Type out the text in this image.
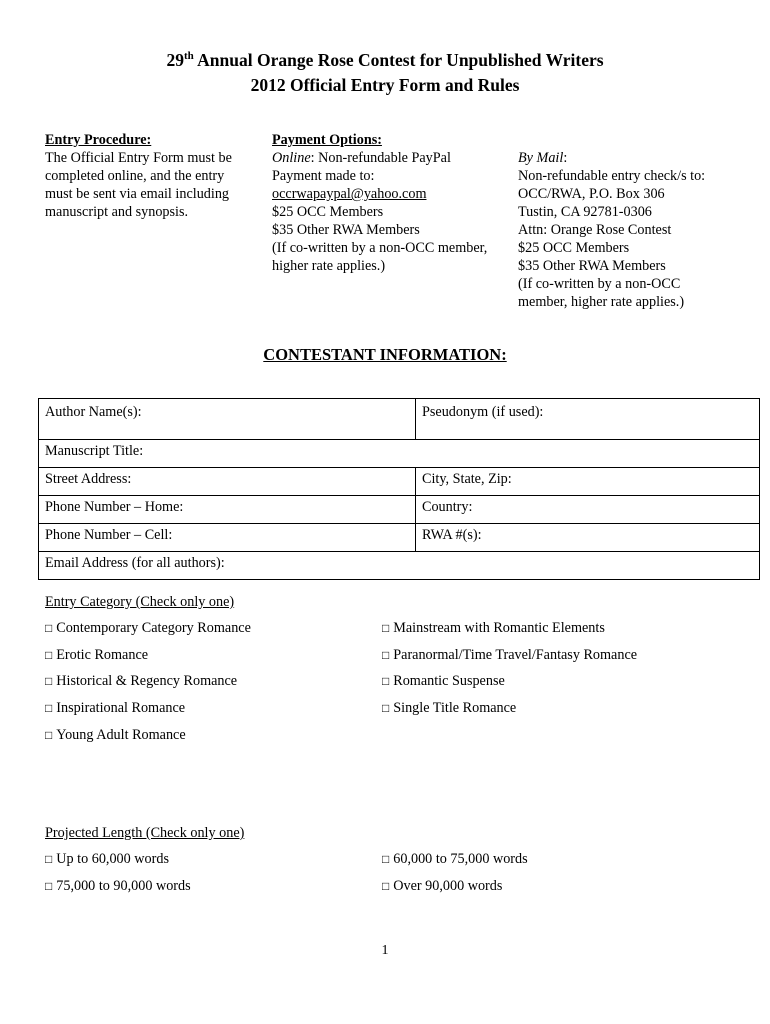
29th Annual Orange Rose Contest for Unpublished Writers
2012 Official Entry Form and Rules
Entry Procedure:
The Official Entry Form must be
completed online, and the entry
must be sent via email including
manuscript and synopsis.
Payment Options:
Online: Non-refundable PayPal
Payment made to:
occrwapaypal@yahoo.com
$25 OCC Members
$35 Other RWA Members
(If co-written by a non-OCC member,
higher rate applies.)
By Mail:
Non-refundable entry check/s to:
OCC/RWA, P.O. Box 306
Tustin, CA 92781-0306
Attn: Orange Rose Contest
$25 OCC Members
$35 Other RWA Members
(If co-written by a non-OCC
member, higher rate applies.)
CONTESTANT INFORMATION:
Author Name(s):	Pseudonym (if used):
Manuscript Title:	
Street Address:	City, State, Zip:
Phone Number – Home:	Country:
Phone Number – Cell:	RWA #(s):
Email Address (for all authors):	
Entry Category (Check only one)
□ Contemporary Category Romance
□ Erotic Romance
□ Historical & Regency Romance
□ Inspirational Romance
□ Young Adult Romance
□ Mainstream with Romantic Elements
□ Paranormal/Time Travel/Fantasy Romance
□ Romantic Suspense
□ Single Title Romance
Projected Length (Check only one)
□ Up to 60,000 words
□ 75,000 to 90,000 words
□ 60,000 to 75,000 words
□ Over 90,000 words
1
